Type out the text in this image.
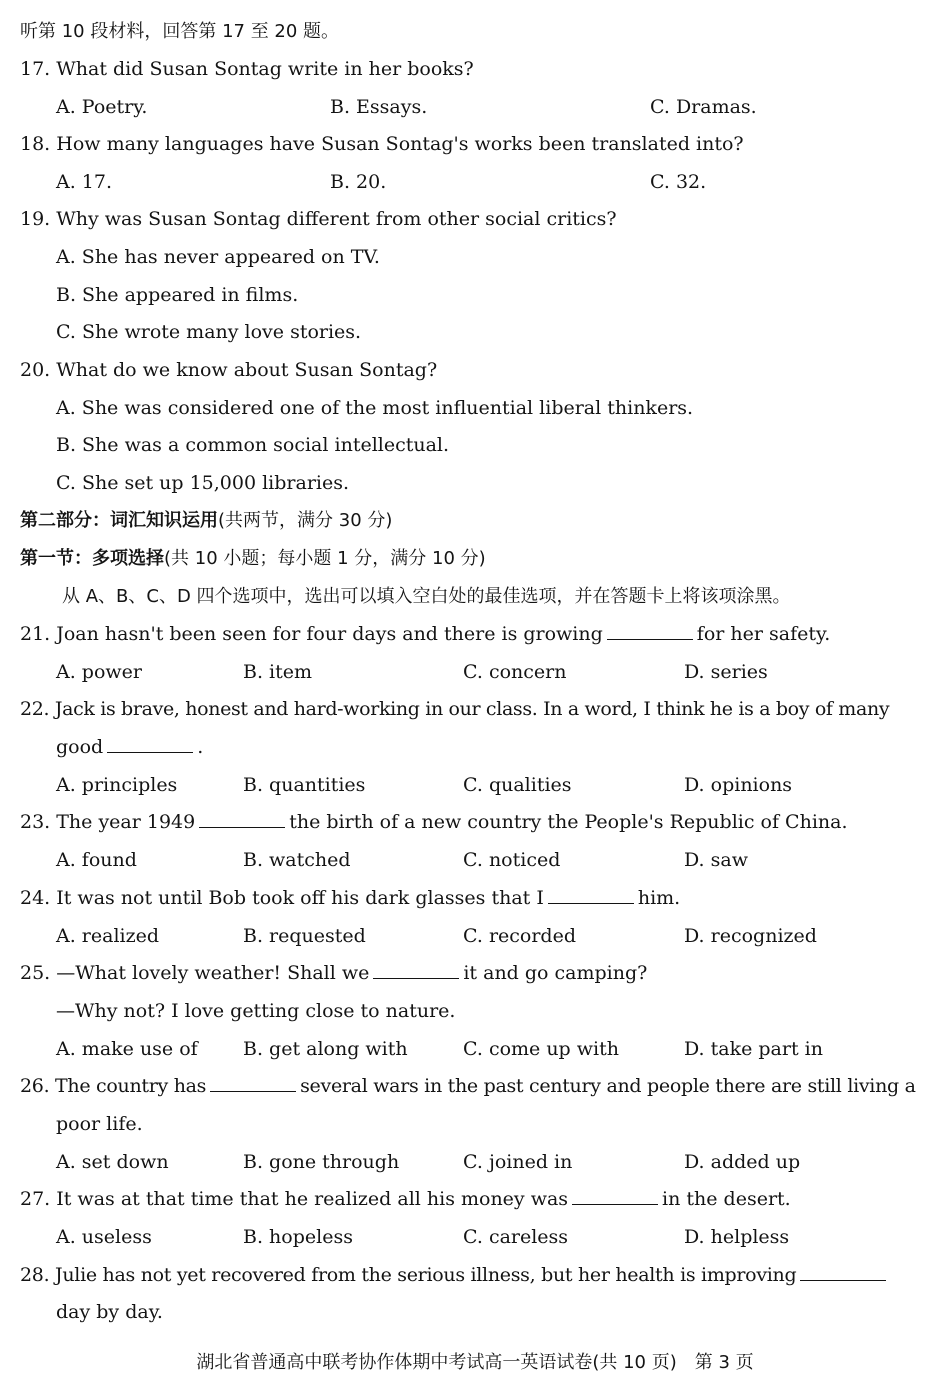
听第 10 段材料，回答第 17 至 20 题。
17. What did Susan Sontag write in her books?
A. Poetry.	B. Essays.	C. Dramas.
18. How many languages have Susan Sontag's works been translated into?
A. 17.	B. 20.	C. 32.
19. Why was Susan Sontag different from other social critics?
A. She has never appeared on TV.
B. She appeared in films.
C. She wrote many love stories.
20. What do we know about Susan Sontag?
A. She was considered one of the most influential liberal thinkers.
B. She was a common social intellectual.
C. She set up 15,000 libraries.
第二部分：词汇知识运用(共两节，满分 30 分)
第一节：多项选择(共 10 小题；每小题 1 分，满分 10 分)
从 A、B、C、D 四个选项中，选出可以填入空白处的最佳选项，并在答题卡上将该项涂黑。
21. Joan hasn't been seen for four days and there is growing	for her safety.
A. power	B. item	C. concern	D. series
22. Jack is brave, honest and hard-working in our class. In a word, I think he is a boy of many
good	.
A. principles	B. quantities	C. qualities	D. opinions
23. The year 1949	the birth of a new country the People's Republic of China.
A. found	B. watched	C. noticed	D. saw
24. It was not until Bob took off his dark glasses that I	him.
A. realized	B. requested	C. recorded	D. recognized
25. —What lovely weather! Shall we	it and go camping?
—Why not? I love getting close to nature.
A. make use of B. get along with	C. come up with	D. take part in
26. The country has	several wars in the past century and people there are still living a
poor life.
A. set down	B. gone through	C. joined in	D. added up
27. It was at that time that he realized all his money was	in the desert.
A. useless	B. hopeless	C. careless	D. helpless
28. Julie has not yet recovered from the serious illness, but her health is improving
day by day.
湖北省普通高中联考协作体期中考试高一英语试卷(共 10 页)　第 3 页
